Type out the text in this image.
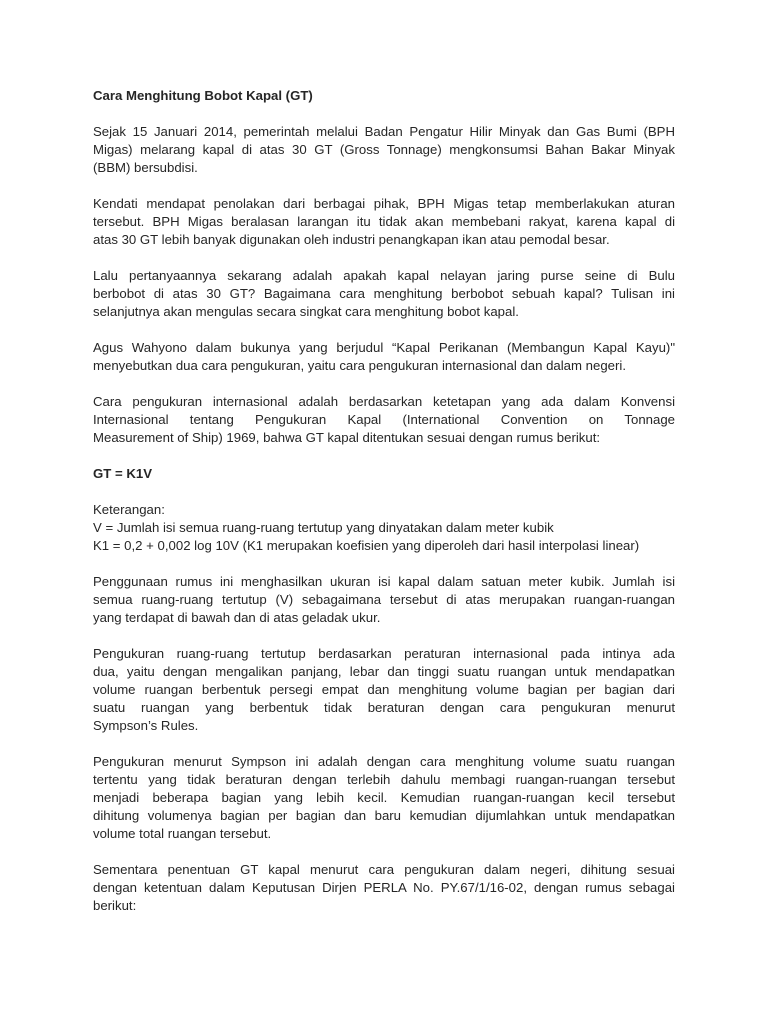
Cara Menghitung Bobot Kapal (GT)
Sejak 15 Januari 2014, pemerintah melalui Badan Pengatur Hilir Minyak dan Gas Bumi (BPH
Migas) melarang kapal di atas 30 GT (Gross Tonnage) mengkonsumsi Bahan Bakar Minyak
(BBM) bersubdisi.
Kendati mendapat penolakan dari berbagai pihak, BPH Migas tetap memberlakukan aturan
tersebut. BPH Migas beralasan larangan itu tidak akan membebani rakyat, karena kapal di
atas 30 GT lebih banyak digunakan oleh industri penangkapan ikan atau pemodal besar.
Lalu pertanyaannya sekarang adalah apakah kapal nelayan jaring purse seine di Bulu
berbobot di atas 30 GT? Bagaimana cara menghitung berbobot sebuah kapal? Tulisan ini
selanjutnya akan mengulas secara singkat cara menghitung bobot kapal.
Agus Wahyono dalam bukunya yang berjudul “Kapal Perikanan (Membangun Kapal Kayu)"
menyebutkan dua cara pengukuran, yaitu cara pengukuran internasional dan dalam negeri.
Cara pengukuran internasional adalah berdasarkan ketetapan yang ada dalam Konvensi
Internasional tentang Pengukuran Kapal (International Convention on Tonnage
Measurement of Ship) 1969, bahwa GT kapal ditentukan sesuai dengan rumus berikut:
GT = K1V
Keterangan:
V = Jumlah isi semua ruang-ruang tertutup yang dinyatakan dalam meter kubik
K1 = 0,2 + 0,002 log 10V (K1 merupakan koefisien yang diperoleh dari hasil interpolasi linear)
Penggunaan rumus ini menghasilkan ukuran isi kapal dalam satuan meter kubik. Jumlah isi
semua ruang-ruang tertutup (V) sebagaimana tersebut di atas merupakan ruangan-ruangan
yang terdapat di bawah dan di atas geladak ukur.
Pengukuran ruang-ruang tertutup berdasarkan peraturan internasional pada intinya ada
dua, yaitu dengan mengalikan panjang, lebar dan tinggi suatu ruangan untuk mendapatkan
volume ruangan berbentuk persegi empat dan menghitung volume bagian per bagian dari
suatu ruangan yang berbentuk tidak beraturan dengan cara pengukuran menurut
Sympson’s Rules.
Pengukuran menurut Sympson ini adalah dengan cara menghitung volume suatu ruangan
tertentu yang tidak beraturan dengan terlebih dahulu membagi ruangan-ruangan tersebut
menjadi beberapa bagian yang lebih kecil. Kemudian ruangan-ruangan kecil tersebut
dihitung volumenya bagian per bagian dan baru kemudian dijumlahkan untuk mendapatkan
volume total ruangan tersebut.
Sementara penentuan GT kapal menurut cara pengukuran dalam negeri, dihitung sesuai
dengan ketentuan dalam Keputusan Dirjen PERLA No. PY.67/1/16-02, dengan rumus sebagai
berikut:
